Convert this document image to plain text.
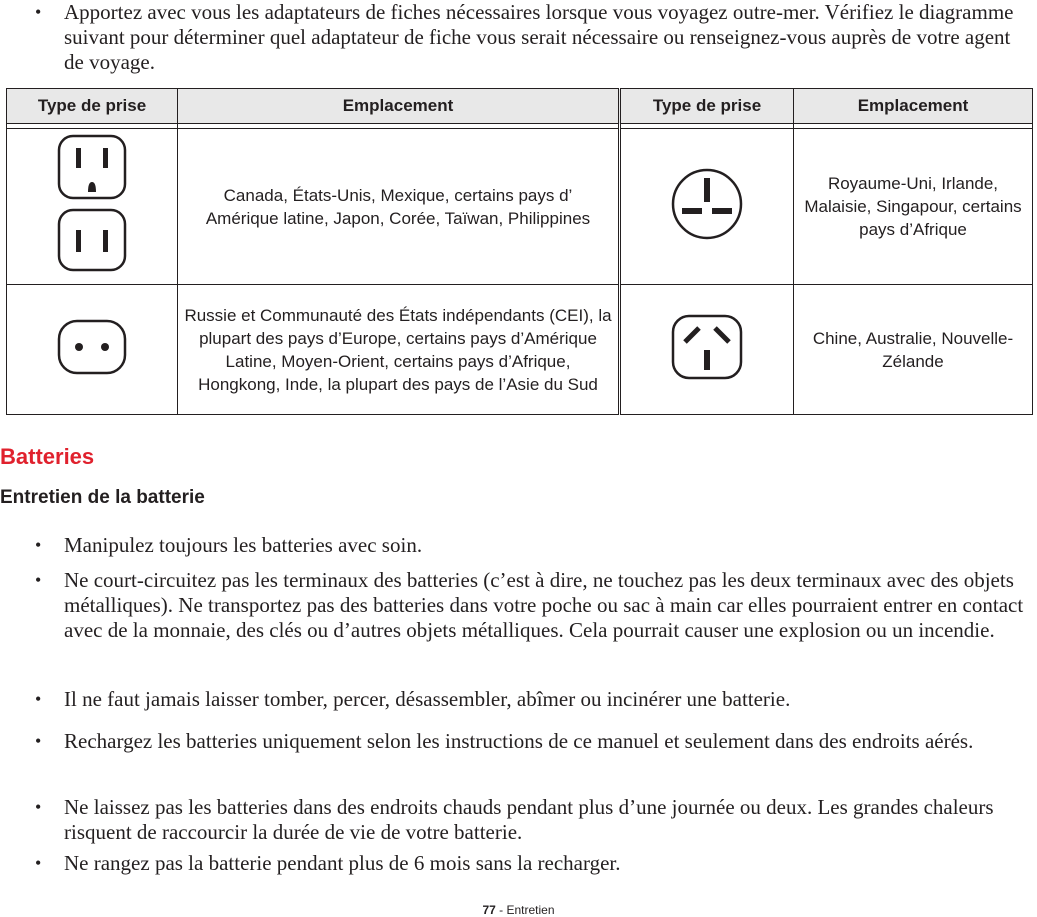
• Apportez avec vous les adaptateurs de fiches nécessaires lorsque vous voyagez outre-mer. Vérifiez le diagramme suivant pour déterminer quel adaptateur de fiche vous serait nécessaire ou renseignez-vous auprès de votre agent de voyage.
Type de prise	Emplacement	Type de prise	Emplacement

	Canada, États-Unis, Mexique, certains pays d’ Amérique latine, Japon, Corée, Taïwan, Philippines		Royaume-Uni, Irlande, Malaisie, Singapour, certains pays d’Afrique
	Russie et Communauté des États indépendants (CEI), la plupart des pays d’Europe, certains pays d’Amérique Latine, Moyen-Orient, certains pays d’Afrique, Hongkong, Inde, la plupart des pays de l’Asie du Sud		Chine, Australie, Nouvelle-Zélande
Batteries
Entretien de la batterie
• Manipulez toujours les batteries avec soin.
• Ne court-circuitez pas les terminaux des batteries (c’est à dire, ne touchez pas les deux terminaux avec des objets métalliques). Ne transportez pas des batteries dans votre poche ou sac à main car elles pourraient entrer en contact avec de la monnaie, des clés ou d’autres objets métalliques. Cela pourrait causer une explosion ou un incendie.
• Il ne faut jamais laisser tomber, percer, désassembler, abîmer ou incinérer une batterie.
• Rechargez les batteries uniquement selon les instructions de ce manuel et seulement dans des endroits aérés.
• Ne laissez pas les batteries dans des endroits chauds pendant plus d’une journée ou deux. Les grandes chaleurs risquent de raccourcir la durée de vie de votre batterie.
• Ne rangez pas la batterie pendant plus de 6 mois sans la recharger.
77 - Entretien
